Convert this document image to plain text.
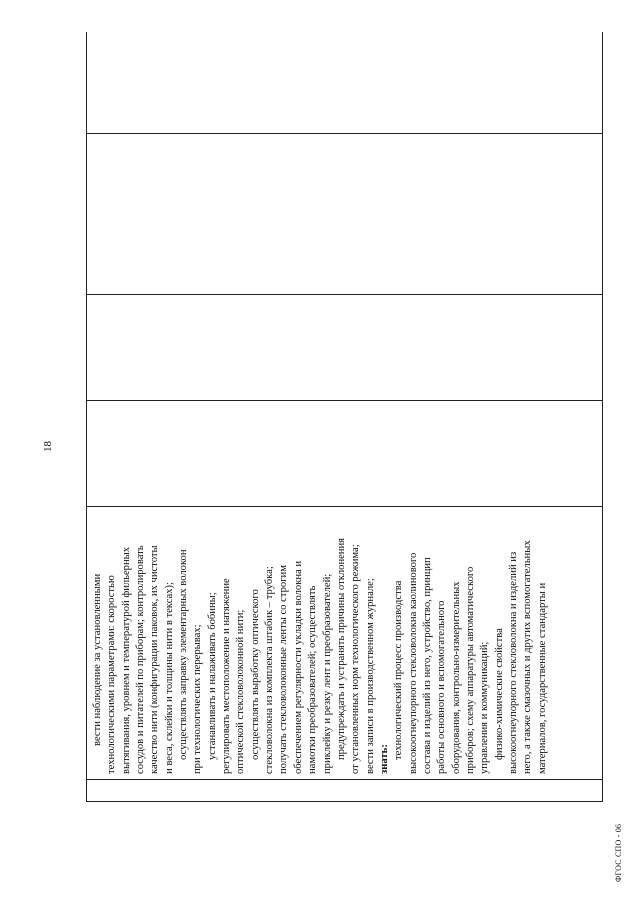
18

вести наблюдение за установленными технологическими параметрами: скоростью вытягивания, уровнем и температурой фильерных сосудов и питателей по приборам; контролировать качество нити (конфигурации паковок, их чистоты и веса, склейки и толщины нити в тексах); осуществлять заправку элементарных волокон при технологических перерывах; устанавливать и налаживать бобины; регулировать местоположение и натяжение оптической стекловолоконной нити; осуществлять выработку оптического стекловолокна из комплекта штабик – трубка; получать стекловолоконные ленты со строгим обеспечением регулярности укладки волокна и намотки преобразователей; осуществлять приклейку и резку лент и преобразователей; предупреждать и устранять причины отклонения от установленных норм технологического режима; вести записи в производственном журнале; знать: технологический процесс производства высокоогнеупорного стекловолокна каолинового состава и изделий из него, устройство, принцип работы основного и вспомогательного оборудования, контрольно-измерительных приборов; схему аппаратуры автоматического управления и коммуникаций; физико-химические свойства высокоогнеупорного стекловолокна и изделий из него, а также смазочных и других вспомогательных материалов, государственные стандарты и

ФГОС СПО - 06
